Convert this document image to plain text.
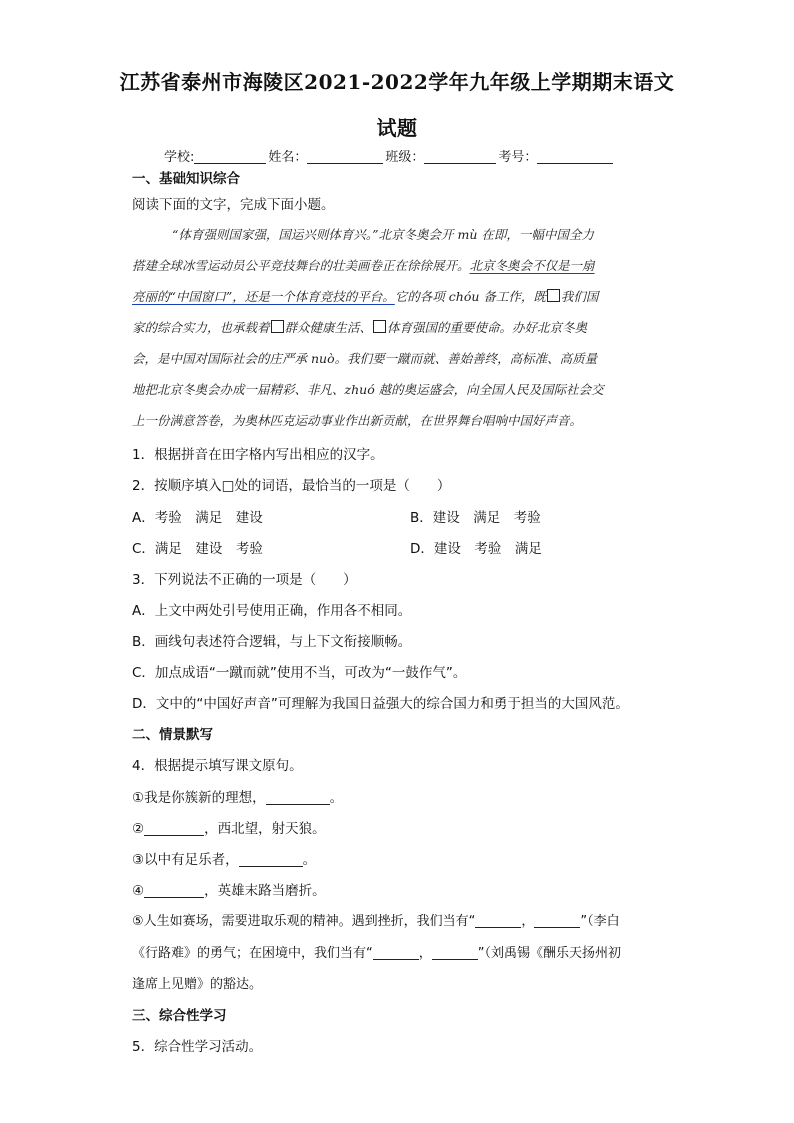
江苏省泰州市海陵区2021-2022学年九年级上学期期末语文
试题
学校:	姓名：	班级：	考号：
一、基础知识综合
阅读下面的文字，完成下面小题。
“体育强则国家强，国运兴则体育兴。”北京冬奥会开 mù 在即，一幅中国全力
搭建全球冰雪运动员公平竞技舞台的壮美画卷正在徐徐展开。北京冬奥会不仅是一扇
亮丽的“中国窗口”，还是一个体育竞技的平台。它的各项 chóu 备工作，既 我们国
家的综合实力，也承载着 群众健康生活、 体育强国的重要使命。办好北京冬奥
会，是中国对国际社会的庄严承 nuò。我们要一蹴而就、善始善终，高标准、高质量
地把北京冬奥会办成一届精彩、非凡、zhuó 越的奥运盛会，向全国人民及国际社会交
上一份满意答卷，为奥林匹克运动事业作出新贡献，在世界舞台唱响中国好声音。
1．根据拼音在田字格内写出相应的汉字。
2．按顺序填入□处的词语，最恰当的一项是（　　）
A．考验　满足　建设	B．建设　满足　考验
C．满足　建设　考验	D．建设　考验　满足
3．下列说法不正确的一项是（　　）
A．上文中两处引号使用正确，作用各不相同。
B．画线句表述符合逻辑，与上下文衔接顺畅。
C．加点成语“一蹴而就”使用不当，可改为“一鼓作气”。
D．文中的“中国好声音”可理解为我国日益强大的综合国力和勇于担当的大国风范。
二、情景默写
4．根据提示填写课文原句。
①我是你簇新的理想，	。
②	，西北望，射天狼。
③以中有足乐者，	。
④	，英雄末路当磨折。
⑤人生如赛场，需要进取乐观的精神。遇到挫折，我们当有“	，	”（李白
《行路难》的勇气；在困境中，我们当有“	，	”（刘禹锡《酬乐天扬州初
逢席上见赠》的豁达。
三、综合性学习
5．综合性学习活动。
